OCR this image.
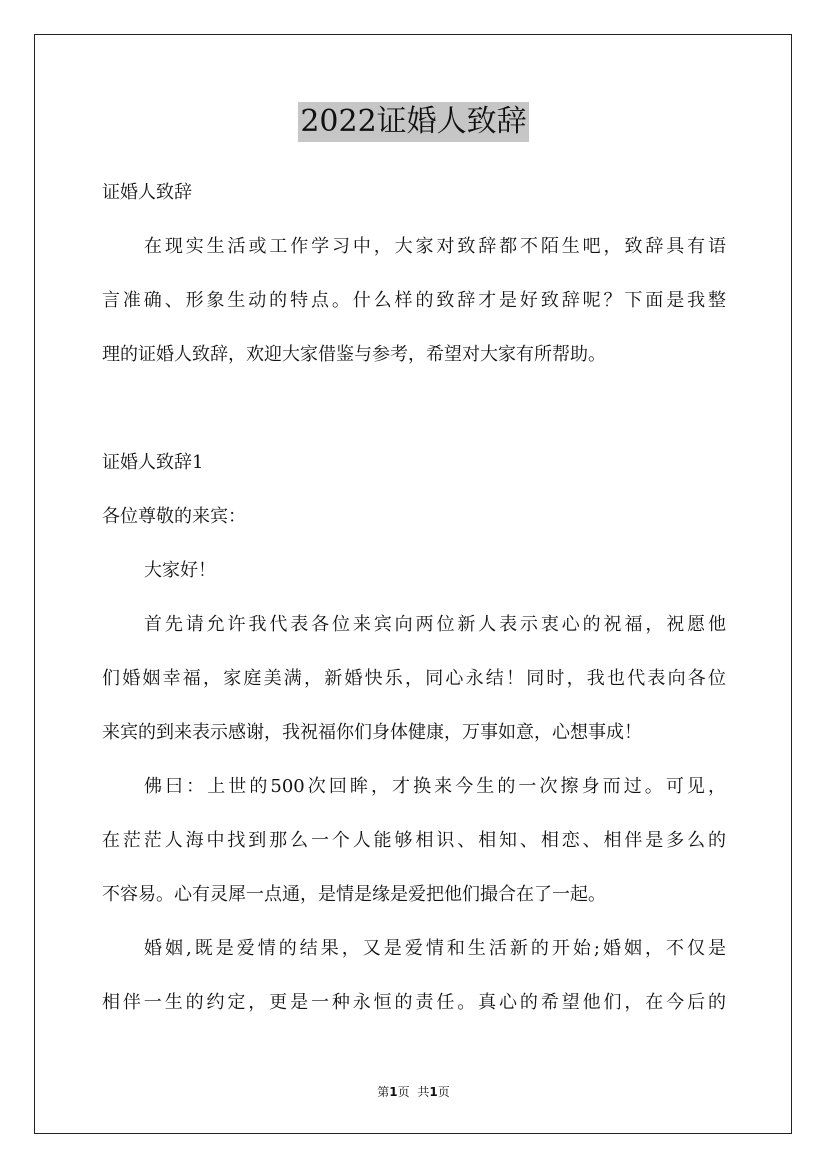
2022证婚人致辞
证婚人致辞
在现实生活或工作学习中，大家对致辞都不陌生吧，致辞具有语
言准确、形象生动的特点。什么样的致辞才是好致辞呢？下面是我整
理的证婚人致辞，欢迎大家借鉴与参考，希望对大家有所帮助。
证婚人致辞1
各位尊敬的来宾：
大家好！
首先请允许我代表各位来宾向两位新人表示衷心的祝福，祝愿他
们婚姻幸福，家庭美满，新婚快乐，同心永结！同时，我也代表向各位
来宾的到来表示感谢，我祝福你们身体健康，万事如意，心想事成！
佛曰：上世的500次回眸，才换来今生的一次擦身而过。可见，
在茫茫人海中找到那么一个人能够相识、相知、相恋、相伴是多么的
不容易。心有灵犀一点通，是情是缘是爱把他们撮合在了一起。
婚姻,既是爱情的结果，又是爱情和生活新的开始;婚姻，不仅是
相伴一生的约定，更是一种永恒的责任。真心的希望他们，在今后的
第1页 共1页
